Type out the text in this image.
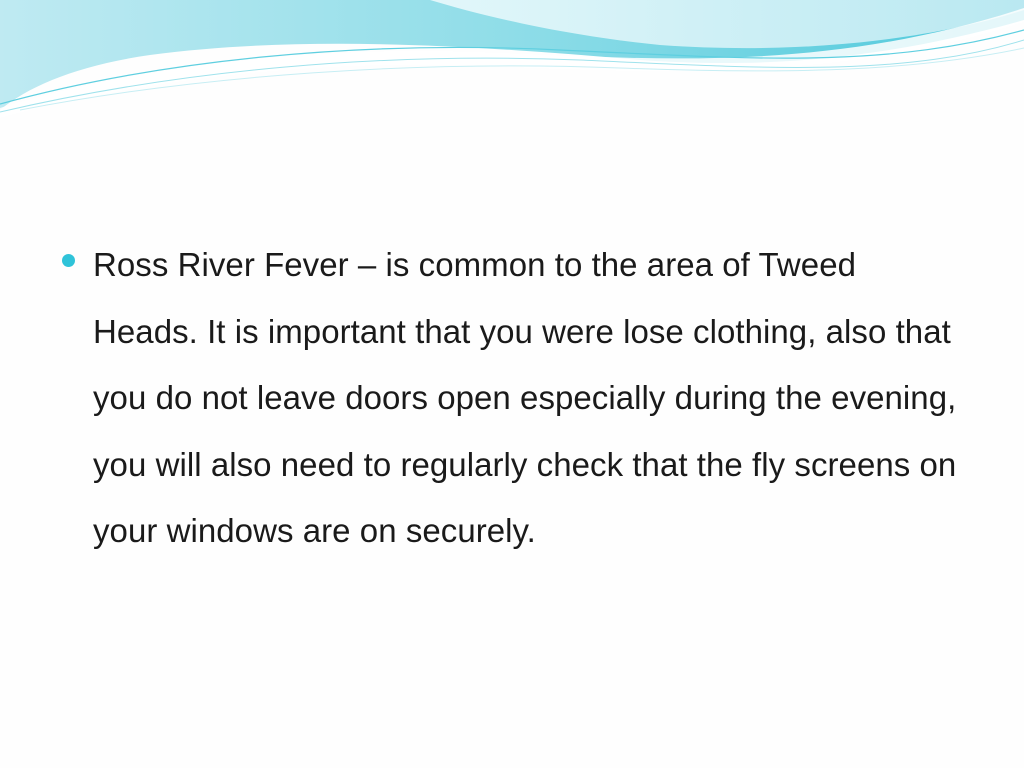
Ross River Fever – is common to the area of Tweed Heads. It is important that you were lose clothing, also that you do not leave doors open especially during the evening, you will also need to regularly check that the fly screens on your windows are on securely.
